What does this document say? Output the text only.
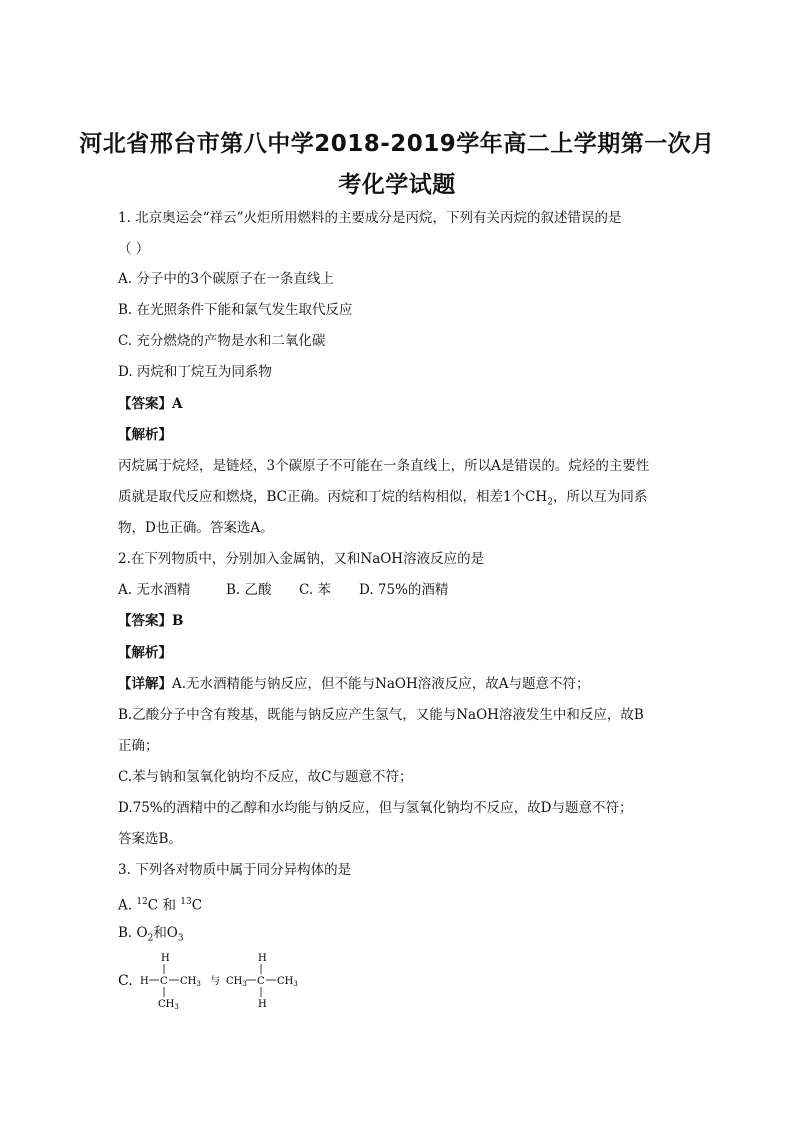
河北省邢台市第八中学2018-2019学年高二上学期第一次月
考化学试题
1. 北京奥运会“祥云”火炬所用燃料的主要成分是丙烷，下列有关丙烷的叙述错误的是
（ ）
A. 分子中的3个碳原子在一条直线上
B. 在光照条件下能和氯气发生取代反应
C. 充分燃烧的产物是水和二氧化碳
D. 丙烷和丁烷互为同系物
【答案】A
【解析】
丙烷属于烷烃，是链烃，3个碳原子不可能在一条直线上，所以A是错误的。烷烃的主要性
质就是取代反应和燃烧，BC正确。丙烷和丁烷的结构相似，相差1个$CH_2$，所以互为同系
物，D也正确。答案选A。
2.在下列物质中，分别加入金属钠，又和NaOH溶液反应的是
A. 无水酒精	B. 乙酸 C. 苯 D. 75%的酒精
【答案】B
【解析】
【详解】A.无水酒精能与钠反应，但不能与NaOH溶液反应，故A与题意不符；
B.乙酸分子中含有羧基，既能与钠反应产生氢气，又能与NaOH溶液发生中和反应，故B
正确；
C.苯与钠和氢氧化钠均不反应，故C与题意不符；
D.75%的酒精中的乙醇和水均能与钠反应，但与氢氧化钠均不反应，故D与题意不符；
答案选B。
3. 下列各对物质中属于同分异构体的是
A. $^{12}$C 和 $^{13}$C
B. $O_2$和$O_3$
C.
H
H C $CH_3$
$CH_3$
与
H
$CH_3$ C $CH_3$
H
